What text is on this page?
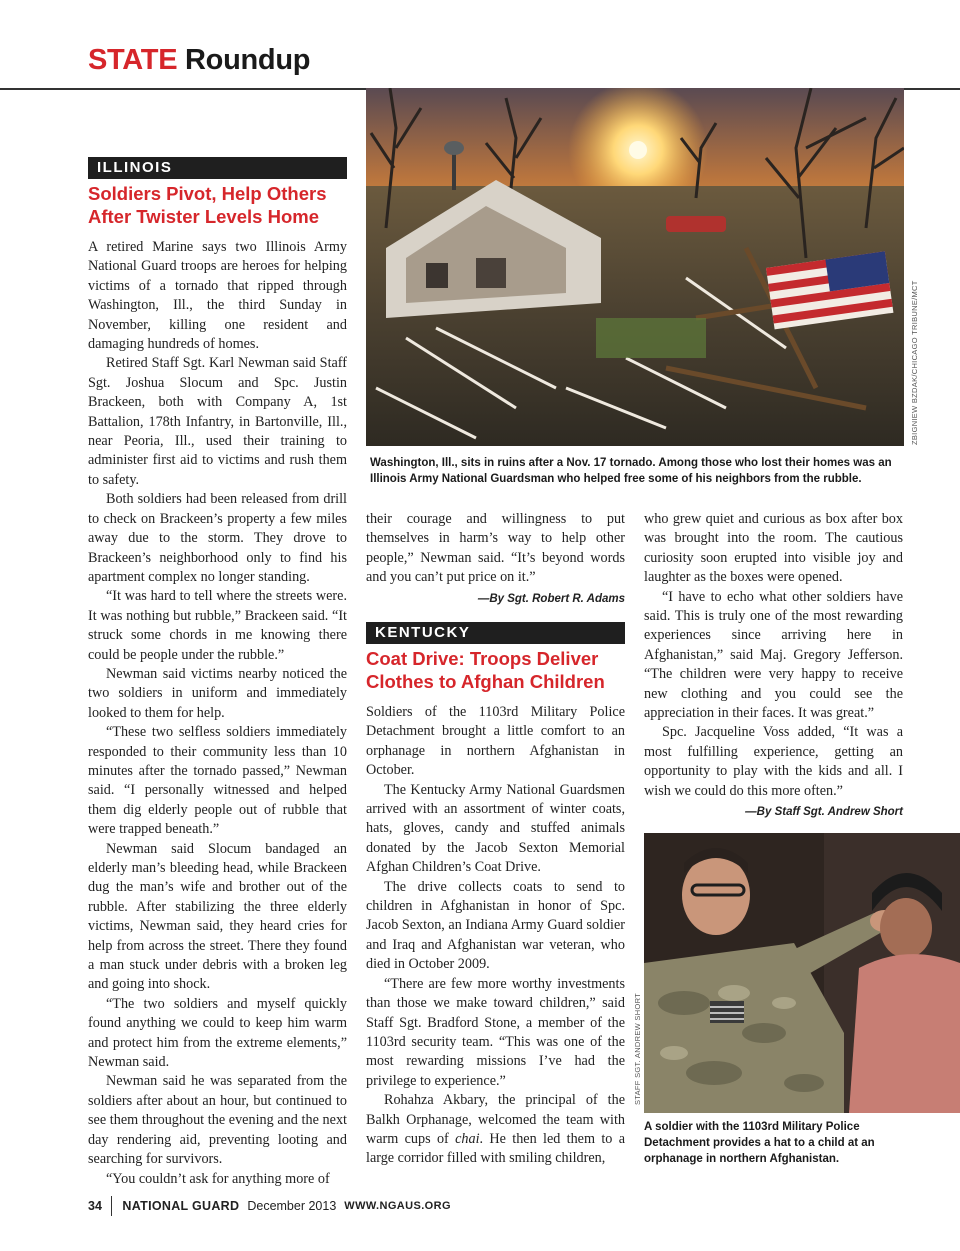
STATE Roundup
ZBIGNIEW BZDAK/CHICAGO TRIBUNE/MCT
Washington, Ill., sits in ruins after a Nov. 17 tornado. Among those who lost their homes was an Illinois Army National Guardsman who helped free some of his neighbors from the rubble.
ILLINOIS
Soldiers Pivot, Help Others
After Twister Levels Home

A retired Marine says two Illinois Army National Guard troops are heroes for helping victims of a tornado that ripped through Washington, Ill., the third Sunday in November, killing one resident and damaging hundreds of homes.

Retired Staff Sgt. Karl Newman said Staff Sgt. Joshua Slocum and Spc. Justin Brackeen, both with Company A, 1st Battalion, 178th Infantry, in Bartonville, Ill., near Peoria, Ill., used their training to administer first aid to victims and rush them to safety.

Both soldiers had been released from drill to check on Brackeen’s property a few miles away due to the storm. They drove to Brackeen’s neighborhood only to find his apartment complex no longer standing.

“It was hard to tell where the streets were. It was nothing but rubble,” Brackeen said. “It struck some chords in me knowing there could be people under the rubble.”

Newman said victims nearby noticed the two soldiers in uniform and immediately looked to them for help.

“These two selfless soldiers immediately responded to their community less than 10 minutes after the tornado passed,” Newman said. “I personally witnessed and helped them dig elderly people out of rubble that were trapped beneath.”

Newman said Slocum bandaged an elderly man’s bleeding head, while Brackeen dug the man’s wife and brother out of the rubble. After stabilizing the three elderly victims, Newman said, they heard cries for help from across the street. There they found a man stuck under debris with a broken leg and going into shock.

“The two soldiers and myself quickly found anything we could to keep him warm and protect him from the extreme elements,” Newman said.

Newman said he was separated from the soldiers after about an hour, but continued to see them throughout the evening and the next day rendering aid, preventing looting and searching for survivors.

“You couldn’t ask for anything more of

their courage and willingness to put themselves in harm’s way to help other people,” Newman said. “It’s beyond words and you can’t put price on it.”

—By Sgt. Robert R. Adams

KENTUCKY
Coat Drive: Troops Deliver
Clothes to Afghan Children

Soldiers of the 1103rd Military Police Detachment brought a little comfort to an orphanage in northern Afghanistan in October.

The Kentucky Army National Guardsmen arrived with an assortment of winter coats, hats, gloves, candy and stuffed animals donated by the Jacob Sexton Memorial Afghan Children’s Coat Drive.

The drive collects coats to send to children in Afghanistan in honor of Spc. Jacob Sexton, an Indiana Army Guard soldier and Iraq and Afghanistan war veteran, who died in October 2009.

“There are few more worthy investments than those we make toward children,” said Staff Sgt. Bradford Stone, a member of the 1103rd security team. “This was one of the most rewarding missions I’ve had the privilege to experience.”

Rohahza Akbary, the principal of the Balkh Orphanage, welcomed the team with warm cups of chai. He then led them to a large corridor filled with smiling children,

who grew quiet and curious as box after box was brought into the room. The cautious curiosity soon erupted into visible joy and laughter as the boxes were opened.

“I have to echo what other soldiers have said. This is truly one of the most rewarding experiences since arriving here in Afghanistan,” said Maj. Gregory Jefferson. “The children were very happy to receive new clothing and you could see the appreciation in their faces. It was great.”

Spc. Jacqueline Voss added, “It was a most fulfilling experience, getting an opportunity to play with the kids and all. I wish we could do this more often.”

—By Staff Sgt. Andrew Short

STAFF SGT. ANDREW SHORT
A soldier with the 1103rd Military Police Detachment provides a hat to a child at an orphanage in northern Afghanistan.
34 NATIONAL GUARD December 2013 WWW.NGAUS.ORG
